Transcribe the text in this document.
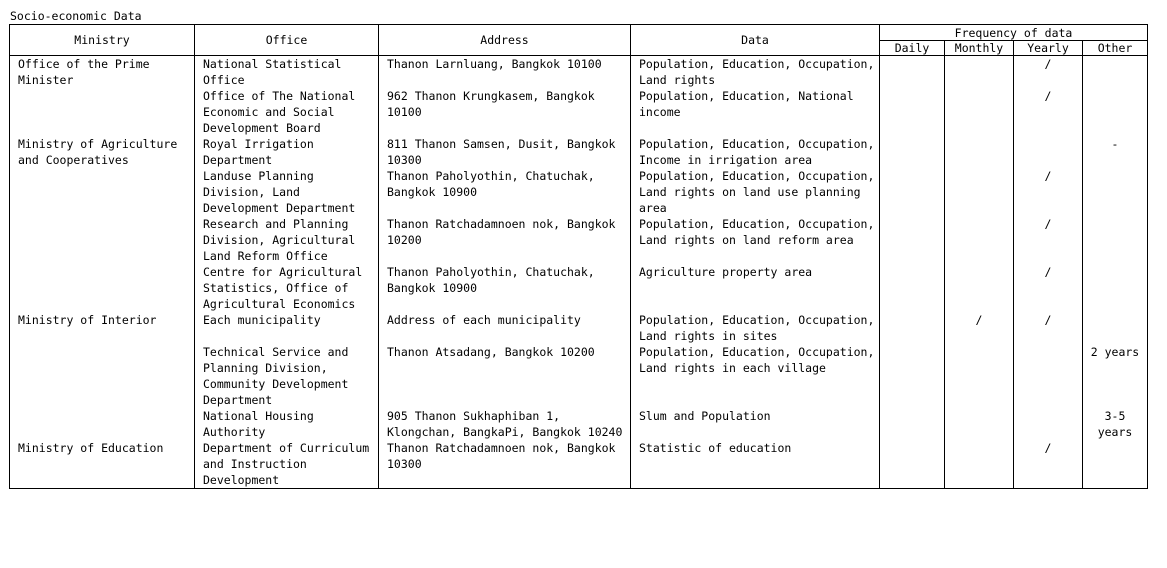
Socio-economic Data
Ministry	Office	Address	Data	Frequency of data			
				Daily	Monthly	Yearly	Other
Office of the Prime Minister	National Statistical Office	Thanon Larnluang, Bangkok 10100	Population, Education, Occupation, Land rights			/	
	Office of The National Economic and Social Development Board	962 Thanon Krungkasem, Bangkok 10100	Population, Education, National income			/	
Ministry of Agriculture and Cooperatives	Royal Irrigation Department	811 Thanon Samsen, Dusit, Bangkok 10300	Population, Education, Occupation, Income in irrigation area				-
	Landuse Planning Division, Land Development Department	Thanon Paholyothin, Chatuchak, Bangkok 10900	Population, Education, Occupation, Land rights on land use planning area			/	
	Research and Planning Division, Agricultural Land Reform Office	Thanon Ratchadamnoen nok, Bangkok 10200	Population, Education, Occupation, Land rights on land reform area			/	
	Centre for Agricultural Statistics, Office of Agricultural Economics	Thanon Paholyothin, Chatuchak, Bangkok 10900	Agriculture property area			/	
Ministry of Interior	Each municipality	Address of each municipality	Population, Education, Occupation, Land rights in sites		/	/	
	Technical Service and Planning Division, Community Development Department	Thanon Atsadang, Bangkok 10200	Population, Education, Occupation, Land rights in each village				2 years
	National Housing Authority	905 Thanon Sukhaphiban 1, Klongchan, BangkaPi, Bangkok 10240	Slum and Population				3-5 years
Ministry of Education	Department of Curriculum and Instruction Development	Thanon Ratchadamnoen nok, Bangkok 10300	Statistic of education			/	
